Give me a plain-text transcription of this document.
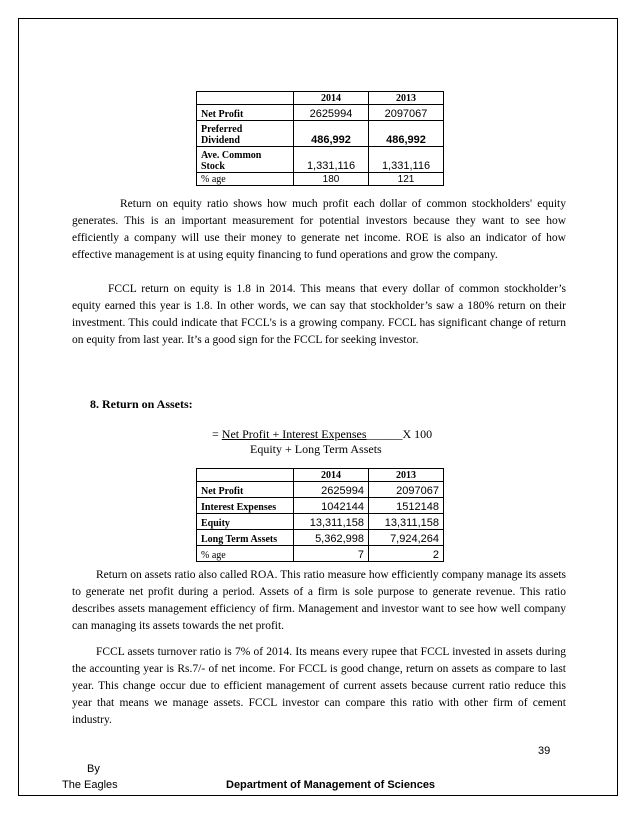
	2014	2013
Net Profit	2625994	2097067
Preferred
Dividend	486,992	486,992
Ave. Common
Stock	1,331,116	1,331,116
% age	180	121

Return on equity ratio shows how much profit each dollar of common stockholders' equity generates. This is an important measurement for potential investors because they want to see how efficiently a company will use their money to generate net income. ROE is also an indicator of how effective management is at using equity financing to fund operations and grow the company.

FCCL return on equity is 1.8 in 2014. This means that every dollar of common stockholder’s equity earned this year is 1.8. In other words, we can say that stockholder’s saw a 180% return on their investment. This could indicate that FCCL's is a growing company. FCCL has significant change of return on equity from last year. It’s a good sign for the FCCL for seeking investor.

8. Return on Assets:

= Net Profit + Interest Expenses______X 100
Equity + Long Term Assets
	2014	2013
Net Profit	2625994	2097067
Interest Expenses	1042144	1512148
Equity	13,311,158	13,311,158
Long Term Assets	5,362,998	7,924,264
% age	7	2

Return on assets ratio also called ROA. This ratio measure how efficiently company manage its assets to generate net profit during a period. Assets of a firm is sole purpose to generate revenue. This ratio describes assets management efficiency of firm. Management and investor want to see how well company can managing its assets towards the net profit.

FCCL assets turnover ratio is 7% of 2014. Its means every rupee that FCCL invested in assets during the accounting year is Rs.7/- of net income. For FCCL is good change, return on assets as compare to last year. This change occur due to efficient management of current assets because current ratio reduce this year that means we manage assets. FCCL investor can compare this ratio with other firm of cement industry.

39
By
The Eagles	Department of Management of Sciences
